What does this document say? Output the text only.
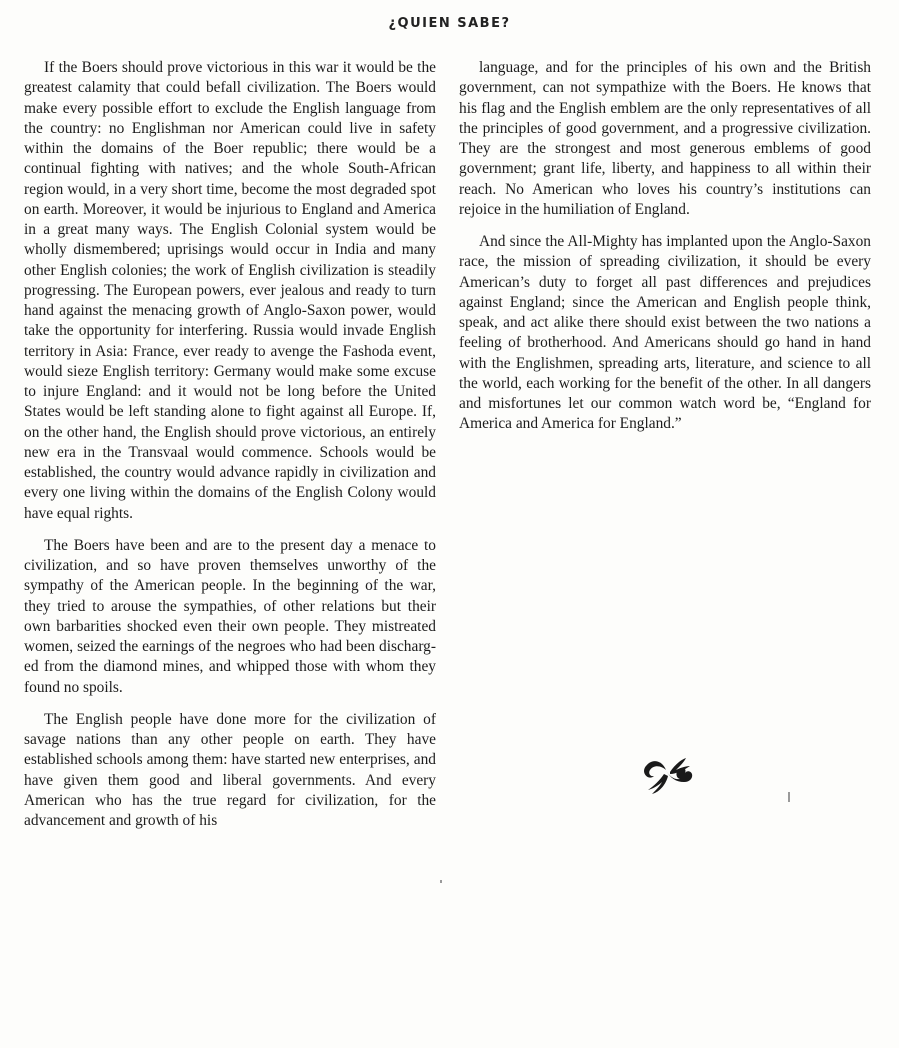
¿QUIEN SABE?

If the Boers should prove victorious in this war it would be the greatest calamity that could befall civilization. The Boers would make every possible effort to exclude the English language from the country: no Englishman nor American could live in safety within the domains of the Boer republic; there would be a continual fighting with natives; and the whole South-African region would, in a very short time, become the most degraded spot on earth. Moreover, it would be injurious to England and America in a great many ways. The English Colonial system would be wholly dismembered; uprisings would occur in India and many other English colonies; the work of English civilization is steadily progressing. The European powers, ever jealous and ready to turn hand against the menacing growth of Anglo-Saxon power, would take the opportunity for interfering. Russia would invade English territory in Asia: France, ever ready to avenge the Fashoda event, would sieze English territory: Germany would make some excuse to injure England: and it would not be long before the United States would be left standing alone to fight against all Europe. If, on the other hand, the English should prove victorious, an entirely new era in the Transvaal would commence. Schools would be established, the country would advance rapidly in civilization and every one living within the domains of the English Colony would have equal rights.

The Boers have been and are to the present day a menace to civilization, and so have proven themselves unworthy of the sympathy of the American people. In the beginning of the war, they tried to arouse the sympathies, of other relations but their own barbarities shocked even their own people. They mistreated women, seized the earnings of the negroes who had been discharged from the diamond mines, and whipped those with whom they found no spoils.

The English people have done more for the civilization of savage nations than any other people on earth. They have established schools among them: have started new enterprises, and have given them good and liberal governments. And every American who has the true regard for civilization, for the advancement and growth of his

language, and for the principles of his own and the British government, can not sympathize with the Boers. He knows that his flag and the English emblem are the only representatives of all the principles of good government, and a progressive civilization. They are the strongest and most generous emblems of good government; grant life, liberty, and happiness to all within their reach. No American who loves his country’s institutions can rejoice in the humiliation of England.

And since the All-Mighty has implanted upon the Anglo-Saxon race, the mission of spreading civilization, it should be every American’s duty to forget all past differences and prejudices against England; since the American and English people think, speak, and act alike there should exist between the two nations a feeling of brotherhood. And Americans should go hand in hand with the Englishmen, spreading arts, literature, and science to all the world, each working for the benefit of the other. In all dangers and misfortunes let our common watch word be, “England for America and America for England.”
